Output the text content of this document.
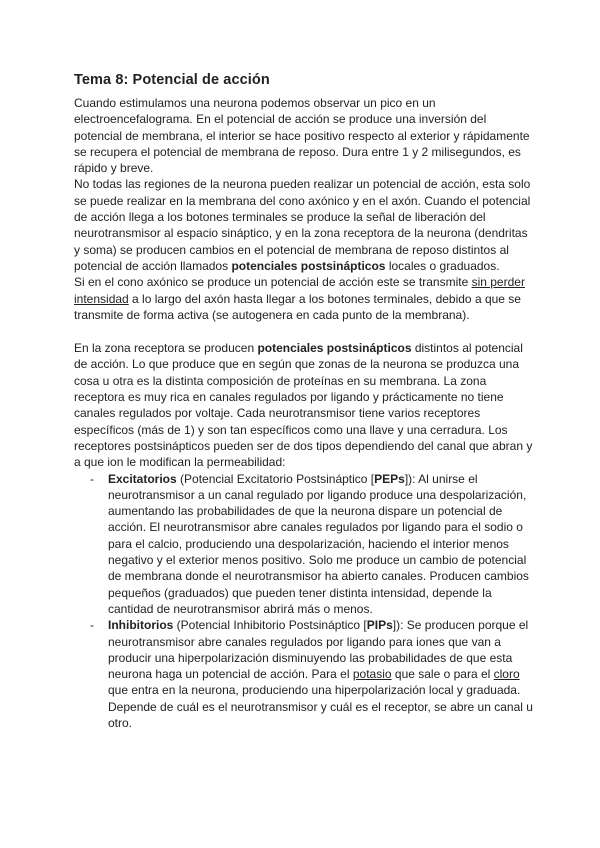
Tema 8: Potencial de acción

Cuando estimulamos una neurona podemos observar un pico en un electroencefalograma. En el potencial de acción se produce una inversión del potencial de membrana, el interior se hace positivo respecto al exterior y rápidamente se recupera el potencial de membrana de reposo. Dura entre 1 y 2 milisegundos, es rápido y breve.

No todas las regiones de la neurona pueden realizar un potencial de acción, esta solo se puede realizar en la membrana del cono axónico y en el axón. Cuando el potencial de acción llega a los botones terminales se produce la señal de liberación del neurotransmisor al espacio sináptico, y en la zona receptora de la neurona (dendritas y soma) se producen cambios en el potencial de membrana de reposo distintos al potencial de acción llamados potenciales postsinápticos locales o graduados.

Si en el cono axónico se produce un potencial de acción este se transmite sin perder intensidad a lo largo del axón hasta llegar a los botones terminales, debido a que se transmite de forma activa (se autogenera en cada punto de la membrana).

En la zona receptora se producen potenciales postsinápticos distintos al potencial de acción. Lo que produce que en según que zonas de la neurona se produzca una cosa u otra es la distinta composición de proteínas en su membrana. La zona receptora es muy rica en canales regulados por ligando y prácticamente no tiene canales regulados por voltaje. Cada neurotransmisor tiene varios receptores específicos (más de 1) y son tan específicos como una llave y una cerradura. Los receptores postsinápticos pueden ser de dos tipos dependiendo del canal que abran y a que ion le modifican la permeabilidad:

- Excitatorios (Potencial Excitatorio Postsináptico [PEPs]): Al unirse el neurotransmisor a un canal regulado por ligando produce una despolarización, aumentando las probabilidades de que la neurona dispare un potencial de acción. El neurotransmisor abre canales regulados por ligando para el sodio o para el calcio, produciendo una despolarización, haciendo el interior menos negativo y el exterior menos positivo. Solo me produce un cambio de potencial de membrana donde el neurotransmisor ha abierto canales. Producen cambios pequeños (graduados) que pueden tener distinta intensidad, depende la cantidad de neurotransmisor abrirá más o menos.
- Inhibitorios (Potencial Inhibitorio Postsináptico [PIPs]): Se producen porque el neurotransmisor abre canales regulados por ligando para iones que van a producir una hiperpolarización disminuyendo las probabilidades de que esta neurona haga un potencial de acción. Para el potasio que sale o para el cloro que entra en la neurona, produciendo una hiperpolarización local y graduada. Depende de cuál es el neurotransmisor y cuál es el receptor, se abre un canal u otro.
